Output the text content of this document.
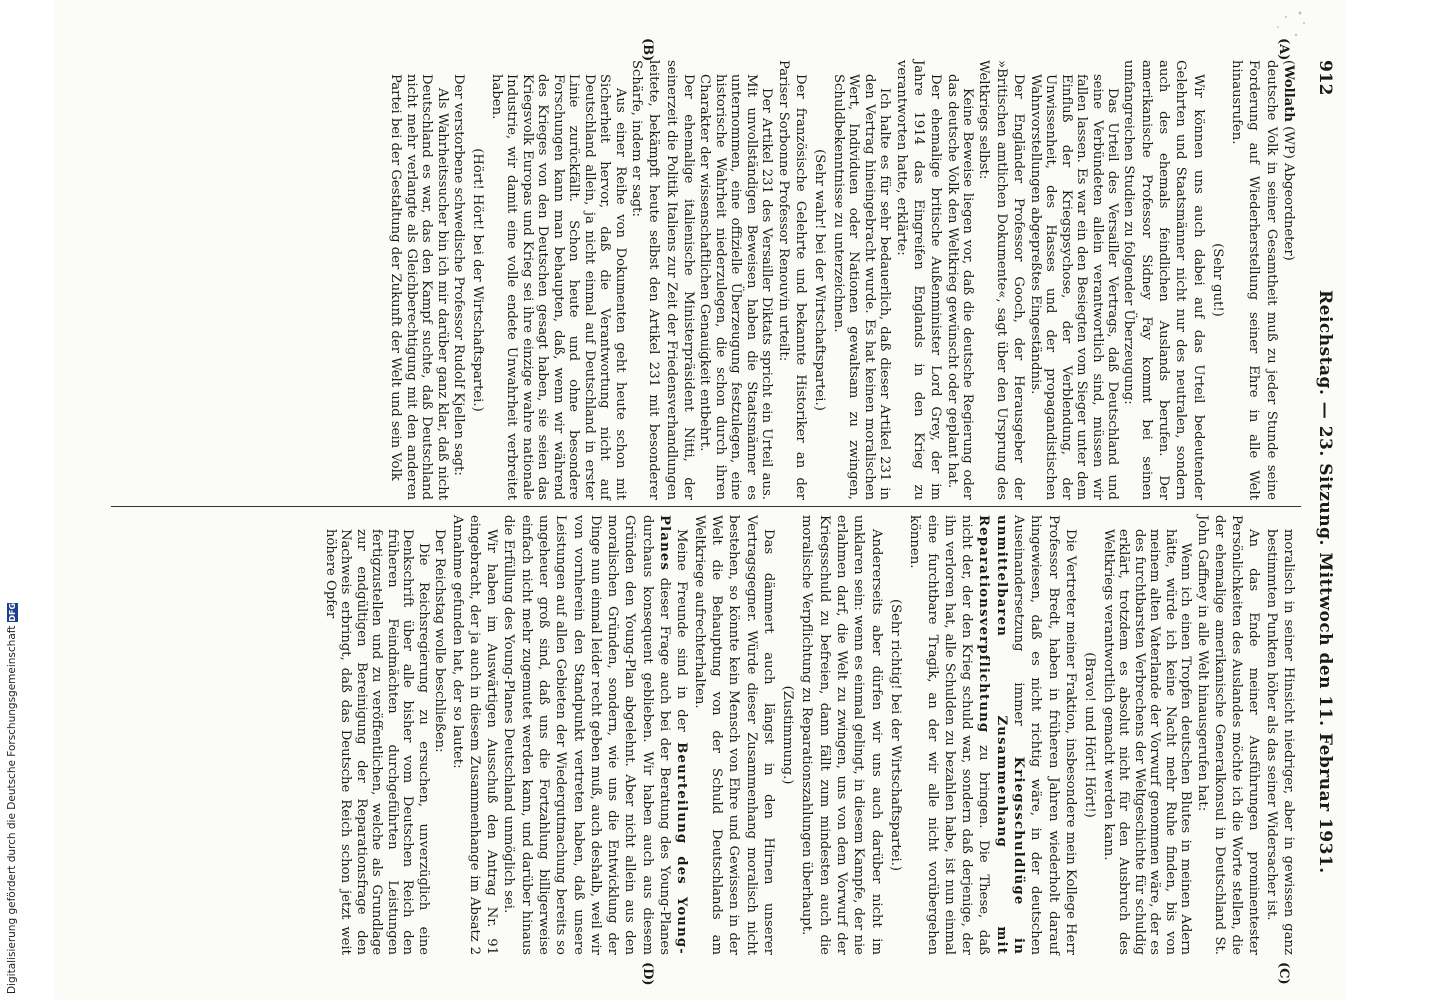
912
Reichstag. — 23. Sitzung. Mittwoch den 11. Februar 1931.
(A)
(B)
(C)
(D)

(Wollath (WP) Abgeordneter)

deutsche Volk in seiner Gesamtheit muß zu jeder Stunde seine Forderung auf Wiederherstellung seiner Ehre in alle Welt hinausrufen.

(Sehr gut!)

Wir können uns auch dabei auf das Urteil bedeutender Gelehrten und Staatsmänner nicht nur des neutralen, sondern auch des ehemals feindlichen Auslands berufen. Der amerikanische Professor Sidney Fay kommt bei seinen umfangreichen Studien zu folgender Überzeugung:

Das Urteil des Versailler Vertrags, daß Deutschland und seine Verbündeten allein verantwortlich sind, müssen wir fallen lassen. Es war ein den Besiegten vom Sieger unter dem Einfluß der Kriegspsychose, der Verblendung, der Unwissenheit, des Hasses und der propagandistischen Wahnvorstellungen abgepreßtes Eingeständnis.

Der Engländer Professor Gooch, der Herausgeber der »Britischen amtlichen Dokumente«, sagt über den Ursprung des Weltkriegs selbst:

Keine Beweise liegen vor, daß die deutsche Regierung oder das deutsche Volk den Weltkrieg gewünscht oder geplant hat.

Der ehemalige britische Außenminister Lord Grey, der im Jahre 1914 das Eingreifen Englands in den Krieg zu verantworten hatte, erklärte:

Ich halte es für sehr bedauerlich, daß dieser Artikel 231 in den Vertrag hineingebracht wurde. Es hat keinen moralischen Wert, Individuen oder Nationen gewaltsam zu zwingen, Schuldbekenntnisse zu unterzeichnen.

(Sehr wahr! bei der Wirtschaftspartei.)

Der französische Gelehrte und bekannte Historiker an der Pariser Sorbonne Professor Renouvin urteilt:

Der Artikel 231 des Versailler Diktats spricht ein Urteil aus. Mit unvollständigen Beweisen haben die Staatsmänner es unternommen, eine offizielle Überzeugung festzulegen, eine historische Wahrheit niederzulegen, die schon durch ihren Charakter der wissenschaftlichen Genauigkeit entbehrt.

Der ehemalige italienische Ministerpräsident Nitti, der seinerzeit die Politik Italiens zur Zeit der Friedensverhandlungen leitete, bekämpft heute selbst den Artikel 231 mit besonderer Schärfe, indem er sagt:

Aus einer Reihe von Dokumenten geht heute schon mit Sicherheit hervor, daß die Verantwortung nicht auf Deutschland allein, ja nicht einmal auf Deutschland in erster Linie zurückfällt. Schon heute und ohne besondere Forschungen kann man behaupten, daß, wenn wir während des Krieges von den Deutschen gesagt haben, sie seien das Kriegsvolk Europas und Krieg sei ihre einzige wahre nationale Industrie, wir damit eine volle endete Unwahrheit verbreitet haben.

(Hört! Hört! bei der Wirtschaftspartei.)

Der verstorbene schwedische Professor Rudolf Kjellen sagt:

Als Wahrheitssucher bin ich mir darüber ganz klar, daß nicht Deutschland es war, das den Kampf suchte, daß Deutschland nicht mehr verlangte als Gleichberechtigung mit den anderen Partei bei der Gestaltung der Zukunft der Welt und sein Volk

moralisch in seiner Hinsicht niedriger, aber in gewissen ganz bestimmten Punkten höher als das seiner Widersacher ist.

An das Ende meiner Ausführungen prominentester Persönlichkeiten des Auslandes möchte ich die Worte stellen, die der ehemalige amerikanische Generalkonsul in Deutschland St. John Gaffney in alle Welt hinausgerufen hat:

Wenn ich einen Tropfen deutschen Blutes in meinen Adern hätte, würde ich keine Nacht mehr Ruhe finden, bis von meinem alten Vaterlande der Vorwurf genommen wäre, der es des furchtbarsten Verbrechens der Weltgeschichte für schuldig erklärt, trotzdem es absolut nicht für den Ausbruch des Weltkriegs verantwortlich gemacht werden kann.

(Bravo! und Hört! Hört!)

Die Vertreter meiner Fraktion, insbesondere mein Kollege Herr Professor Bredt, haben in früheren Jahren wiederholt darauf hingewiesen, daß es nicht richtig wäre, in der deutschen Auseinandersetzung immer Kriegsschuldlüge in unmittelbaren Zusammenhang mit Reparationsverpflichtung zu bringen. Die These, daß nicht der, der den Krieg schuld war, sondern daß derjenige, der ihn verloren hat, alle Schulden zu bezahlen habe, ist nun einmal eine furchtbare Tragik, an der wir alle nicht vorübergehen können.

(Sehr richtig! bei der Wirtschaftspartei.)

Andererseits aber dürfen wir uns auch darüber nicht im unklaren sein: wenn es einmal gelingt, in diesem Kampfe, der nie erlahmen darf, die Welt zu zwingen, uns von dem Vorwurf der Kriegsschuld zu befreien, dann fällt zum mindesten auch die moralische Verpflichtung zu Reparationszahlungen überhaupt.

(Zustimmung.)

Das dämmert auch längst in den Hirnen unserer Vertragsgegner. Würde dieser Zusammenhang moralisch nicht bestehen, so könnte kein Mensch von Ehre und Gewissen in der Welt die Behauptung von der Schuld Deutschlands am Weltkriege aufrechterhalten.

Meine Freunde sind in der Beurteilung des Young-Planes dieser Frage auch bei der Beratung des Young-Planes durchaus konsequent geblieben. Wir haben auch aus diesem Gründen den Young-Plan abgelehnt. Aber nicht allein aus den moralischen Gründen, sondern, wie uns die Entwicklung der Dinge nun einmal leider recht geben muß, auch deshalb, weil wir von vornherein den Standpunkt vertreten haben, daß unsere Leistungen auf allen Gebieten der Wiedergutmachung bereits so ungeheuer groß sind, daß uns die Fortzahlung billigerweise einfach nicht mehr zugemutet werden kann, und darüber hinaus die Erfüllung des Young-Planes Deutschland unmöglich sei.

Wir haben im Auswärtigen Ausschuß den Antrag Nr. 91 eingebracht, der ja auch in diesem Zusammenhange im Absatz 2 Annahme gefunden hat, der so lautet:

Der Reichstag wolle beschließen:

Die Reichsregierung zu ersuchen, unverzüglich eine Denkschrift über alle bisher vom Deutschen Reich den früheren Feindmächten durchgeführten Leistungen fertigzustellen und zu veröffentlichen, welche als Grundlage zur endgültigen Bereinigung der Reparationsfrage den Nachweis erbringt, daß das Deutsche Reich schon jetzt weit höhere Opfer

Digitalisierung gefördert durch die Deutsche Forschungsgemeinschaft
DFG
